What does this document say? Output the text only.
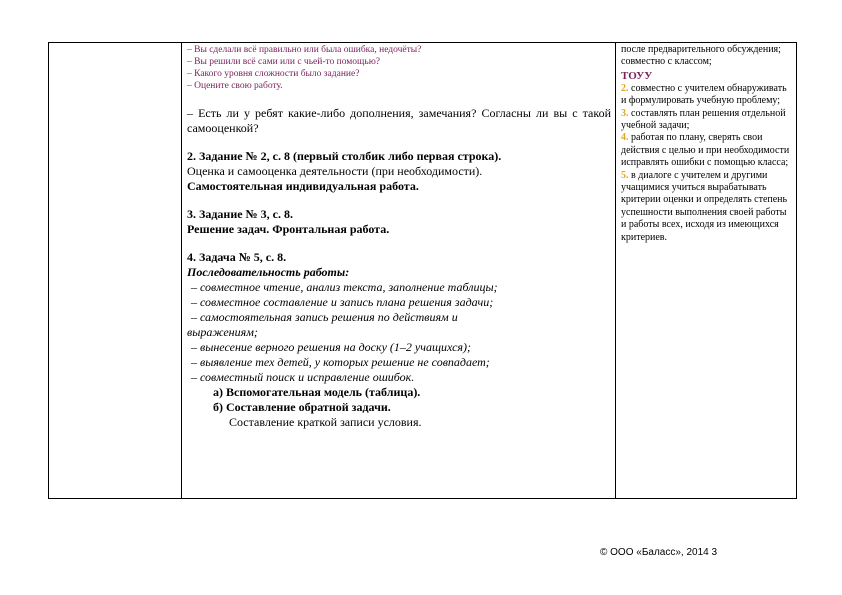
– Вы сделали всё правильно или была ошибка, недочёты?
– Вы решили всё сами или с чьей-то помощью?
– Какого уровня сложности было задание?
– Оцените свою работу.
– Есть ли у ребят какие-либо дополнения, замечания? Согласны ли вы с такой самооценкой?
2. Задание № 2, с. 8 (первый столбик либо первая строка).
Оценка и самооценка деятельности (при необходимости).
Самостоятельная индивидуальная работа.
3. Задание № 3, с. 8.
Решение задач. Фронтальная работа.
4. Задача № 5, с. 8.
Последовательность работы:
– совместное чтение, анализ текста, заполнение таблицы;
– совместное составление и запись плана решения задачи;
– самостоятельная запись решения по действиям и
выражениям;
– вынесение верного решения на доску (1–2 учащихся);
– выявление тех детей, у которых решение не совпадает;
– совместный поиск и исправление ошибок.
а) Вспомогательная модель (таблица).
б) Составление обратной задачи.
Составление краткой записи условия.

после предварительного обсуждения; совместно с классом;
ТОУУ
2. совместно с учителем обнаруживать и формулировать учебную проблему;
3. составлять план решения отдельной учебной задачи;
4. работая по плану, сверять свои действия с целью и при необходимости исправлять ошибки с помощью класса;
5. в диалоге с учителем и другими учащимися учиться вырабатывать критерии оценки и определять степень успешности выполнения своей работы и работы всех, исходя из имеющихся критериев.
© ООО «Баласс», 2014 3
